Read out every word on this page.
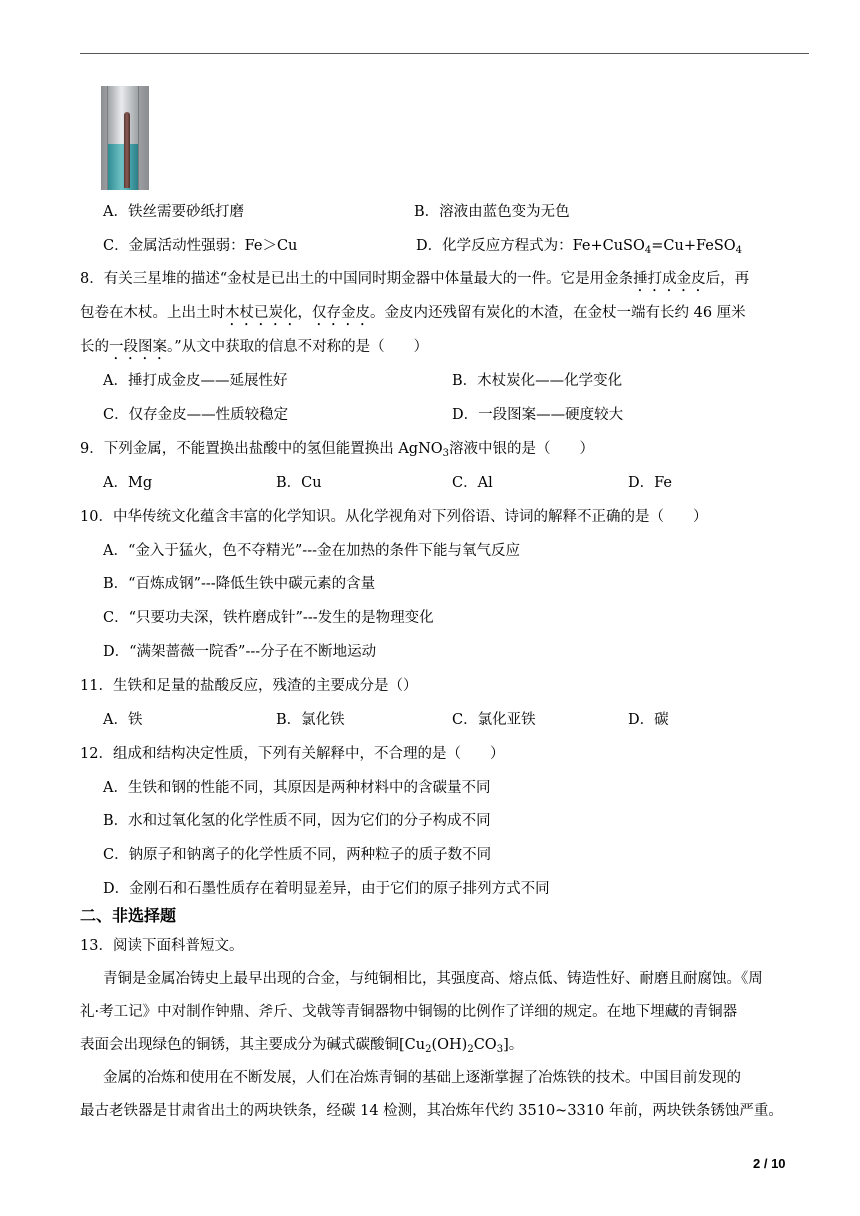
A．铁丝需要砂纸打磨	B．溶液由蓝色变为无色
C．金属活动性强弱：Fe＞Cu	D．化学反应方程式为：Fe+CuSO$_4$=Cu+FeSO$_4$
8．有关三星堆的描述“金杖是已出土的中国同时期金器中体量最大的一件。它是用金条捶打成金皮后，再
包卷在木杖。上出土时木杖已炭化，仅存金皮。金皮内还残留有炭化的木渣，在金杖一端有长约 46 厘米
长的一段图案。”从文中获取的信息不对称的是（　　）
A．捶打成金皮——延展性好	B．木杖炭化——化学变化
C．仅存金皮——性质较稳定	D．一段图案——硬度较大
9．下列金属，不能置换出盐酸中的氢但能置换出 AgNO$_3$溶液中银的是（　　）
A．Mg	B．Cu	C．Al	D．Fe
10．中华传统文化蕴含丰富的化学知识。从化学视角对下列俗语、诗词的解释不正确的是（　　）
A．“金入于猛火，色不夺精光”---金在加热的条件下能与氧气反应
B．“百炼成钢”---降低生铁中碳元素的含量
C．“只要功夫深，铁杵磨成针”---发生的是物理变化
D．“满架蔷薇一院香”---分子在不断地运动
11．生铁和足量的盐酸反应，残渣的主要成分是（）
A．铁	B．氯化铁	C．氯化亚铁	D．碳
12．组成和结构决定性质，下列有关解释中，不合理的是（　　）
A．生铁和钢的性能不同，其原因是两种材料中的含碳量不同
B．水和过氧化氢的化学性质不同，因为它们的分子构成不同
C．钠原子和钠离子的化学性质不同，两种粒子的质子数不同
D．金刚石和石墨性质存在着明显差异，由于它们的原子排列方式不同
二、非选择题
13．阅读下面科普短文。
青铜是金属冶铸史上最早出现的合金，与纯铜相比，其强度高、熔点低、铸造性好、耐磨且耐腐蚀。《周
礼·考工记》中对制作钟鼎、斧斤、戈戟等青铜器物中铜锡的比例作了详细的规定。在地下埋藏的青铜器
表面会出现绿色的铜锈，其主要成分为碱式碳酸铜$[Cu_2(OH)_2CO_3]$。
金属的冶炼和使用在不断发展，人们在冶炼青铜的基础上逐渐掌握了冶炼铁的技术。中国目前发现的
最古老铁器是甘肃省出土的两块铁条，经碳 14 检测，其冶炼年代约 3510~3310 年前，两块铁条锈蚀严重。
2 / 10
